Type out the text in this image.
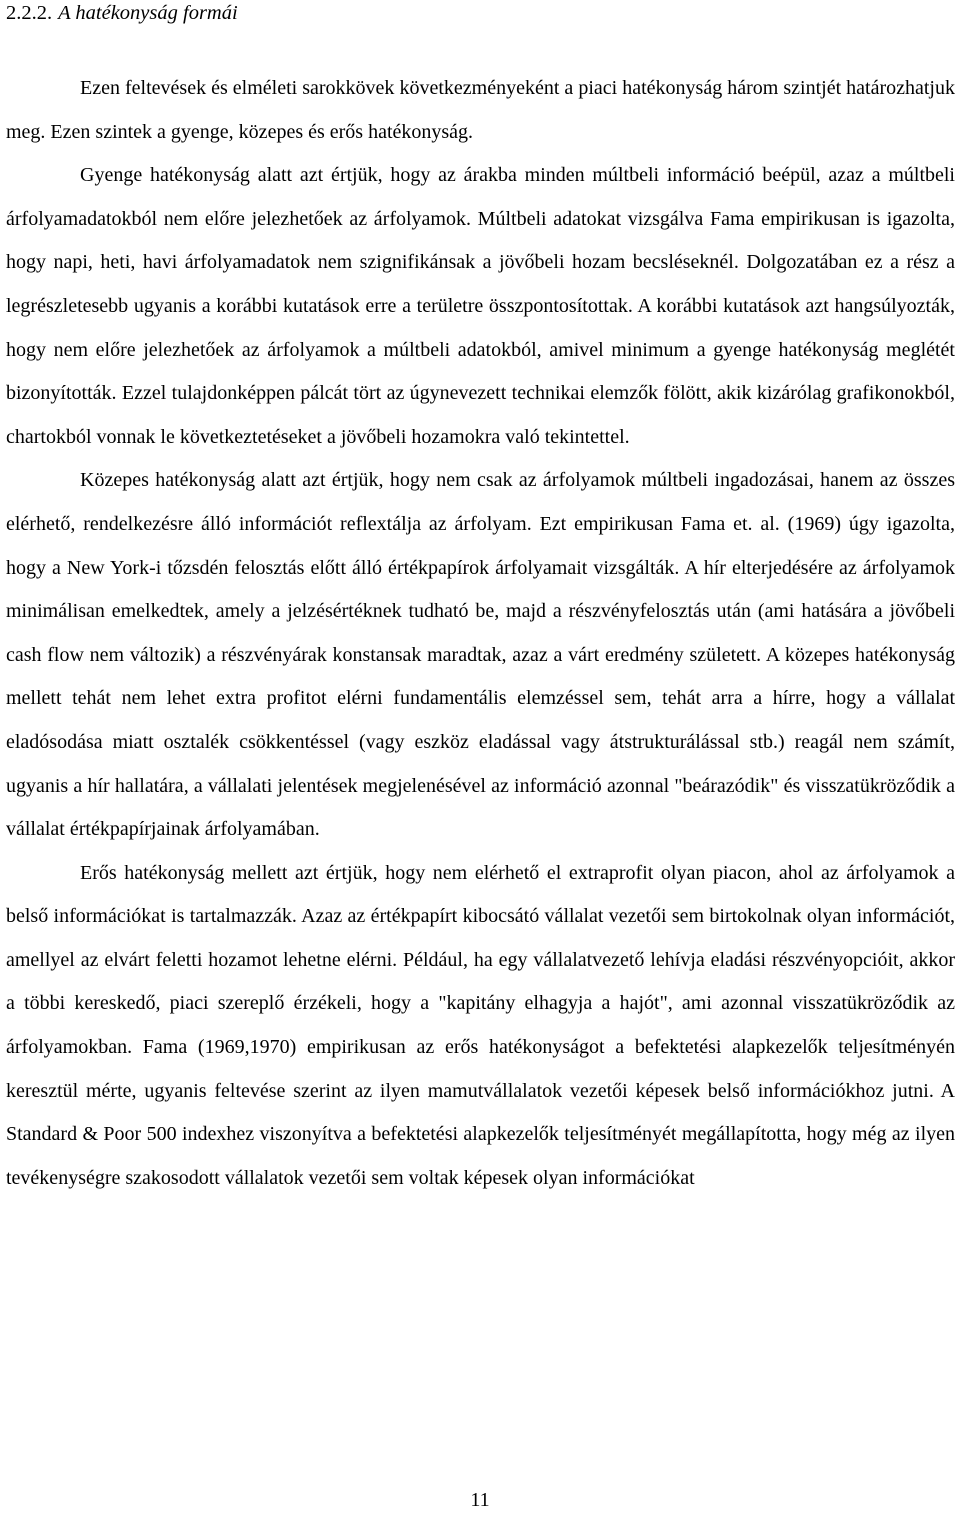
2.2.2. A hatékonyság formái

Ezen feltevések és elméleti sarokkövek következményeként a piaci hatékonyság három szintjét határozhatjuk meg. Ezen szintek a gyenge, közepes és erős hatékonyság.

Gyenge hatékonyság alatt azt értjük, hogy az árakba minden múltbeli információ beépül, azaz a múltbeli árfolyamadatokból nem előre jelezhetőek az árfolyamok. Múltbeli adatokat vizsgálva Fama empirikusan is igazolta, hogy napi, heti, havi árfolyamadatok nem szignifikánsak a jövőbeli hozam becsléseknél. Dolgozatában ez a rész a legrészletesebb ugyanis a korábbi kutatások erre a területre összpontosítottak. A korábbi kutatások azt hangsúlyozták, hogy nem előre jelezhetőek az árfolyamok a múltbeli adatokból, amivel minimum a gyenge hatékonyság meglétét bizonyították. Ezzel tulajdonképpen pálcát tört az úgynevezett technikai elemzők fölött, akik kizárólag grafikonokból, chartokból vonnak le következtetéseket a jövőbeli hozamokra való tekintettel.

Közepes hatékonyság alatt azt értjük, hogy nem csak az árfolyamok múltbeli ingadozásai, hanem az összes elérhető, rendelkezésre álló információt reflextálja az árfolyam. Ezt empirikusan Fama et. al. (1969) úgy igazolta, hogy a New York-i tőzsdén felosztás előtt álló értékpapírok árfolyamait vizsgálták. A hír elterjedésére az árfolyamok minimálisan emelkedtek, amely a jelzésértéknek tudható be, majd a részvényfelosztás után (ami hatására a jövőbeli cash flow nem változik) a részvényárak konstansak maradtak, azaz a várt eredmény született. A közepes hatékonyság mellett tehát nem lehet extra profitot elérni fundamentális elemzéssel sem, tehát arra a hírre, hogy a vállalat eladósodása miatt osztalék csökkentéssel (vagy eszköz eladással vagy átstrukturálással stb.) reagál nem számít, ugyanis a hír hallatára, a vállalati jelentések megjelenésével az információ azonnal "beárazódik" és visszatükröződik a vállalat értékpapírjainak árfolyamában.

Erős hatékonyság mellett azt értjük, hogy nem elérhető el extraprofit olyan piacon, ahol az árfolyamok a belső információkat is tartalmazzák. Azaz az értékpapírt kibocsátó vállalat vezetői sem birtokolnak olyan információt, amellyel az elvárt feletti hozamot lehetne elérni. Például, ha egy vállalatvezető lehívja eladási részvényopcióit, akkor a többi kereskedő, piaci szereplő érzékeli, hogy a "kapitány elhagyja a hajót", ami azonnal visszatükröződik az árfolyamokban. Fama (1969,1970) empirikusan az erős hatékonyságot a befektetési alapkezelők teljesítményén keresztül mérte, ugyanis feltevése szerint az ilyen mamutvállalatok vezetői képesek belső információkhoz jutni. A Standard & Poor 500 indexhez viszonyítva a befektetési alapkezelők teljesítményét megállapította, hogy még az ilyen tevékenységre szakosodott vállalatok vezetői sem voltak képesek olyan információkat

11
